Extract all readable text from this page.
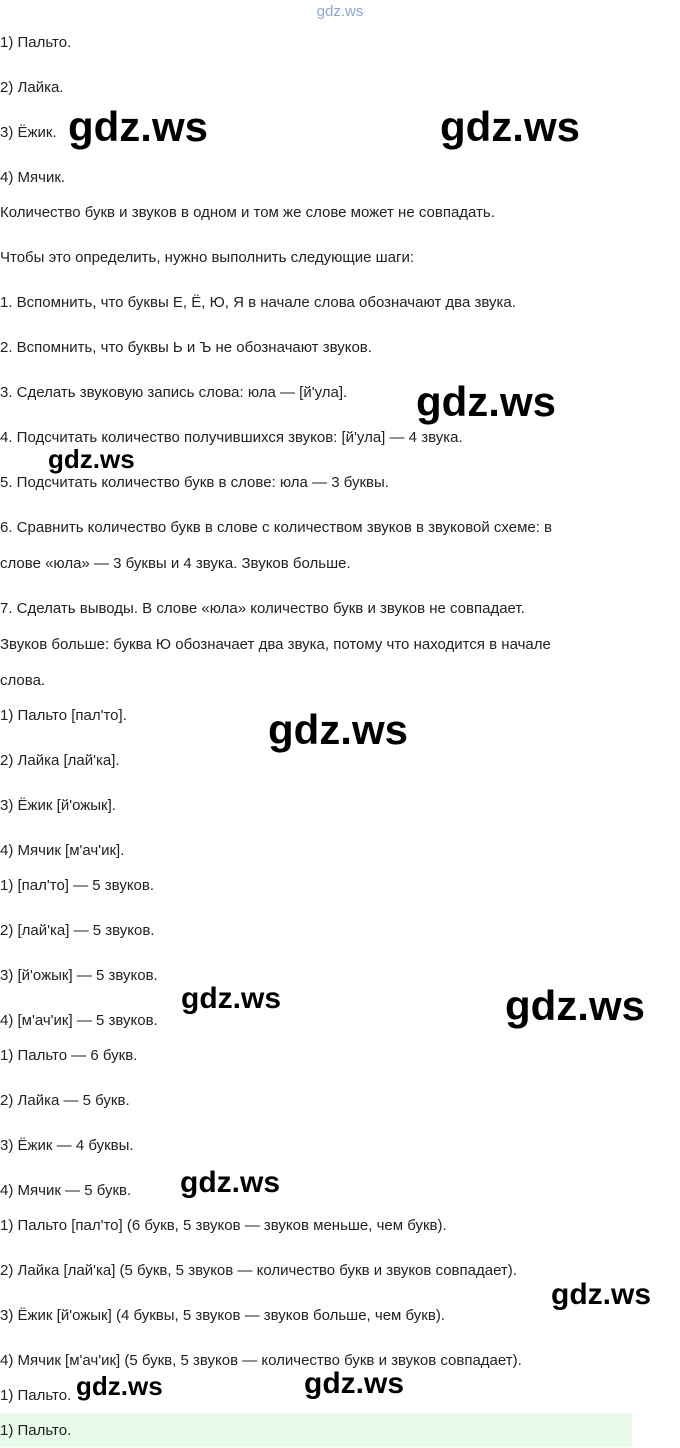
gdz.ws

1) Пальто.

2) Лайка.

3) Ёжик.

4) Мячик.

Количество букв и звуков в одном и том же слове может не совпадать.

Чтобы это определить, нужно выполнить следующие шаги:

1. Вспомнить, что буквы Е, Ё, Ю, Я в начале слова обозначают два звука.

2. Вспомнить, что буквы Ь и Ъ не обозначают звуков.

3. Сделать звуковую запись слова: юла — [й'ула].

4. Подсчитать количество получившихся звуков: [й'ула] — 4 звука.

5. Подсчитать количество букв в слове: юла — 3 буквы.

6. Сравнить количество букв в слове с количеством звуков в звуковой схеме: в

слове «юла» — 3 буквы и 4 звука. Звуков больше.

7. Сделать выводы. В слове «юла» количество букв и звуков не совпадает.

Звуков больше: буква Ю обозначает два звука, потому что находится в начале

слова.

1) Пальто [пал'то].

2) Лайка [лай'ка].

3) Ёжик [й'ожык].

4) Мячик [м'ач'ик].

1) [пал'то] — 5 звуков.

2) [лай'ка] — 5 звуков.

3) [й'ожык] — 5 звуков.

4) [м'ач'ик] — 5 звуков.

1) Пальто — 6 букв.

2) Лайка — 5 букв.

3) Ёжик — 4 буквы.

4) Мячик — 5 букв.

1) Пальто [пал'то] (6 букв, 5 звуков — звуков меньше, чем букв).

2) Лайка [лай'ка] (5 букв, 5 звуков — количество букв и звуков совпадает).

3) Ёжик [й'ожык] (4 буквы, 5 звуков — звуков больше, чем букв).

4) Мячик [м'ач'ик] (5 букв, 5 звуков — количество букв и звуков совпадает).

1) Пальто.

1) Пальто.

gdz.ws	gdz.ws
gdz.ws
gdz.ws
gdz.ws
gdz.ws	gdz.ws
gdz.ws
gdz.ws
gdz.ws	gdz.ws
